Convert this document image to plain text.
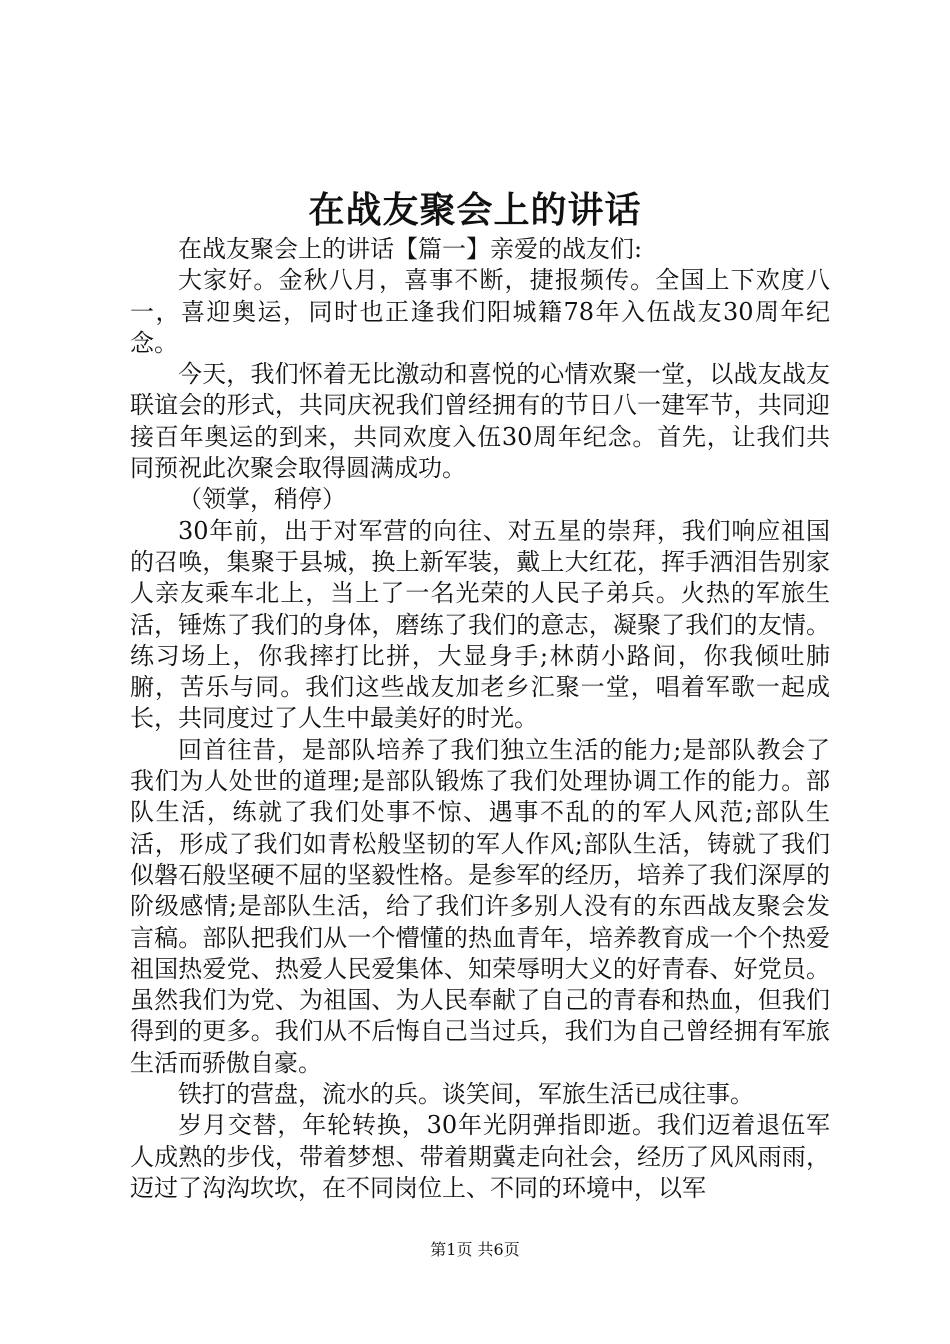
在战友聚会上的讲话

在战友聚会上的讲话【篇一】亲爱的战友们:

大家好。金秋八月，喜事不断，捷报频传。全国上下欢度八一，喜迎奥运，同时也正逢我们阳城籍78年入伍战友30周年纪念。

今天，我们怀着无比激动和喜悦的心情欢聚一堂，以战友战友联谊会的形式，共同庆祝我们曾经拥有的节日八一建军节，共同迎接百年奥运的到来，共同欢度入伍30周年纪念。首先，让我们共同预祝此次聚会取得圆满成功。

（领掌，稍停）

30年前，出于对军营的向往、对五星的崇拜，我们响应祖国的召唤，集聚于县城，换上新军装，戴上大红花，挥手洒泪告别家人亲友乘车北上，当上了一名光荣的人民子弟兵。火热的军旅生活，锤炼了我们的身体，磨练了我们的意志，凝聚了我们的友情。练习场上，你我摔打比拼，大显身手;林荫小路间，你我倾吐肺腑，苦乐与同。我们这些战友加老乡汇聚一堂，唱着军歌一起成长，共同度过了人生中最美好的时光。

回首往昔，是部队培养了我们独立生活的能力;是部队教会了我们为人处世的道理;是部队锻炼了我们处理协调工作的能力。部队生活，练就了我们处事不惊、遇事不乱的的军人风范;部队生活，形成了我们如青松般坚韧的军人作风;部队生活，铸就了我们似磐石般坚硬不屈的坚毅性格。是参军的经历，培养了我们深厚的阶级感情;是部队生活，给了我们许多别人没有的东西战友聚会发言稿。部队把我们从一个懵懂的热血青年，培养教育成一个个热爱祖国热爱党、热爱人民爱集体、知荣辱明大义的好青春、好党员。虽然我们为党、为祖国、为人民奉献了自己的青春和热血，但我们得到的更多。我们从不后悔自己当过兵，我们为自己曾经拥有军旅生活而骄傲自豪。

铁打的营盘，流水的兵。谈笑间，军旅生活已成往事。

岁月交替，年轮转换，30年光阴弹指即逝。我们迈着退伍军人成熟的步伐，带着梦想、带着期冀走向社会，经历了风风雨雨，迈过了沟沟坎坎，在不同岗位上、不同的环境中，以军

第1页 共6页
